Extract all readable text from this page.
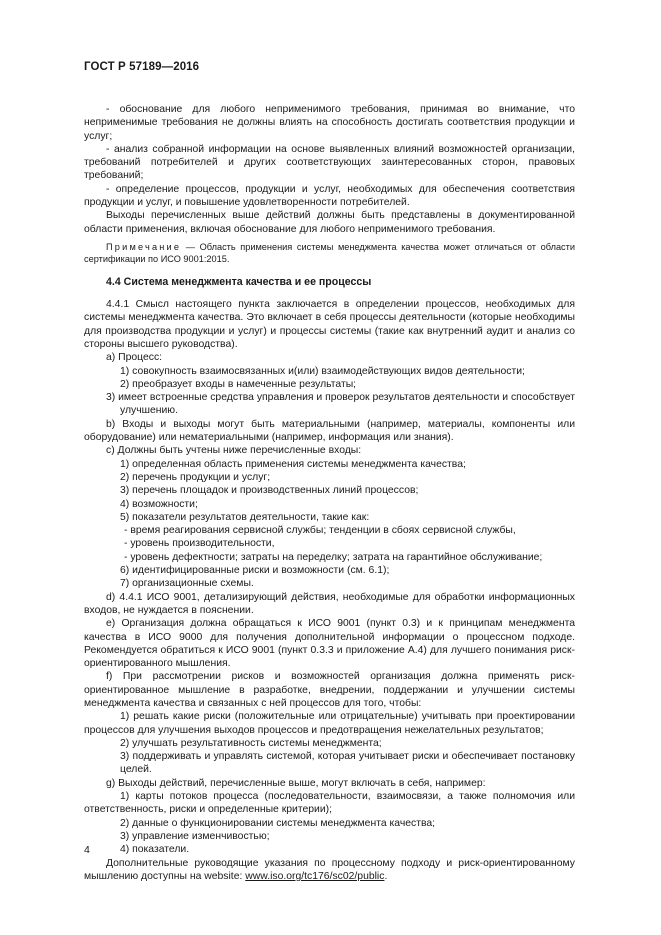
ГОСТ Р 57189—2016

- обоснование для любого неприменимого требования, принимая во внимание, что неприменимые требования не должны влиять на способность достигать соответствия продукции и услуг;

- анализ собранной информации на основе выявленных влияний возможностей организации, требований потребителей и других соответствующих заинтересованных сторон, правовых требований;

- определение процессов, продукции и услуг, необходимых для обеспечения соответствия продукции и услуг, и повышение удовлетворенности потребителей.

Выходы перечисленных выше действий должны быть представлены в документированной области применения, включая обоснование для любого неприменимого требования.

Примечание — Область применения системы менеджмента качества может отличаться от области сертификации по ИСО 9001:2015.

4.4 Система менеджмента качества и ее процессы

4.4.1 Смысл настоящего пункта заключается в определении процессов, необходимых для системы менеджмента качества. Это включает в себя процессы деятельности (которые необходимы для производства продукции и услуг) и процессы системы (такие как внутренний аудит и анализ со стороны высшего руководства).

a) Процесс:

1) совокупность взаимосвязанных и(или) взаимодействующих видов деятельности;

2) преобразует входы в намеченные результаты;

3) имеет встроенные средства управления и проверок результатов деятельности и способствует улучшению.

b) Входы и выходы могут быть материальными (например, материалы, компоненты или оборудование) или нематериальными (например, информация или знания).

c) Должны быть учтены ниже перечисленные входы:

1) определенная область применения системы менеджмента качества;

2) перечень продукции и услуг;

3) перечень площадок и производственных линий процессов;

4) возможности;

5) показатели результатов деятельности, такие как:

- время реагирования сервисной службы; тенденции в сбоях сервисной службы,

- уровень производительности,

- уровень дефектности; затраты на переделку; затрата на гарантийное обслуживание;

6) идентифицированные риски и возможности (см. 6.1);

7) организационные схемы.

d) 4.4.1 ИСО 9001, детализирующий действия, необходимые для обработки информационных входов, не нуждается в пояснении.

e) Организация должна обращаться к ИСО 9001 (пункт 0.3) и к принципам менеджмента качества в ИСО 9000 для получения дополнительной информации о процессном подходе. Рекомендуется обратиться к ИСО 9001 (пункт 0.3.3 и приложение А.4) для лучшего понимания риск-ориентированного мышления.

f) При рассмотрении рисков и возможностей организация должна применять риск-ориентированное мышление в разработке, внедрении, поддержании и улучшении системы менеджмента качества и связанных с ней процессов для того, чтобы:

1) решать какие риски (положительные или отрицательные) учитывать при проектировании процессов для улучшения выходов процессов и предотвращения нежелательных результатов;

2) улучшать результативность системы менеджмента;

3) поддерживать и управлять системой, которая учитывает риски и обеспечивает постановку целей.

g) Выходы действий, перечисленные выше, могут включать в себя, например:

1) карты потоков процесса (последовательности, взаимосвязи, а также полномочия или ответственность, риски и определенные критерии);

2) данные о функционировании системы менеджмента качества;

3) управление изменчивостью;

4) показатели.

Дополнительные руководящие указания по процессному подходу и риск-ориентированному мышлению доступны на website: www.iso.org/tc176/sc02/public.

4
